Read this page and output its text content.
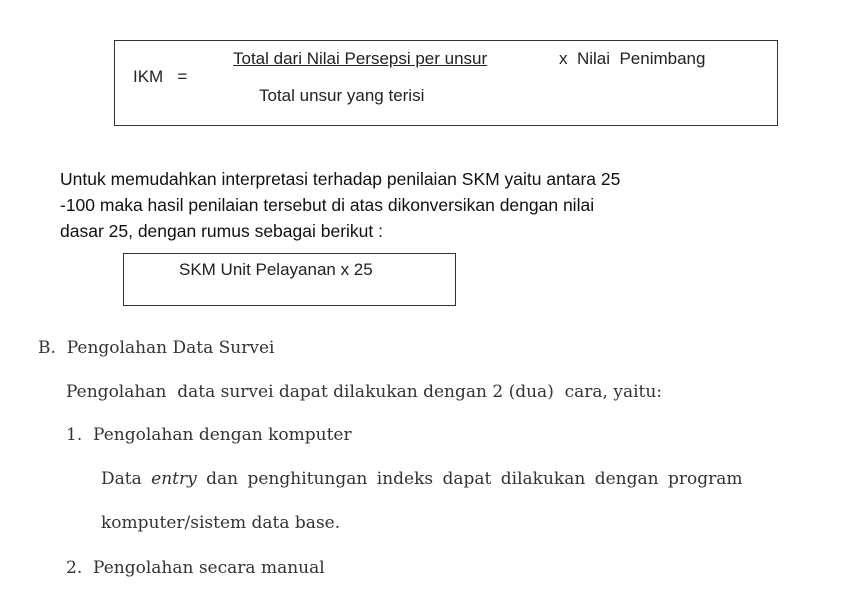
IKM   =
Total dari Nilai Persepsi per unsur	x  Nilai  Penimbang
Total unsur yang terisi
Untuk memudahkan interpretasi terhadap penilaian SKM yaitu antara 25
-100 maka hasil penilaian tersebut di atas dikonversikan dengan nilai
dasar 25, dengan rumus sebagai berikut :
SKM Unit Pelayanan x 25
B.  Pengolahan Data Survei
Pengolahan  data survei dapat dilakukan dengan 2 (dua)  cara, yaitu:
1.  Pengolahan dengan komputer
Data entry dan penghitungan indeks dapat dilakukan dengan program
komputer/sistem data base.
2.  Pengolahan secara manual
